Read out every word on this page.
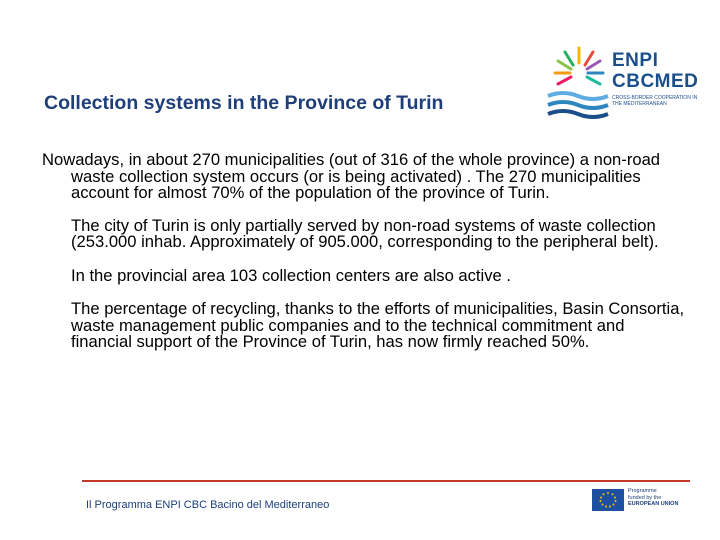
Collection systems in the Province of Turin
ENPI
CBCMED
CROSS-BORDER COOPERATION IN THE MEDITERRANEAN

Nowadays, in about 270 municipalities (out of 316 of the whole province) a non-road waste collection system occurs (or is being activated) . The 270 municipalities account for almost 70% of the population of the province of Turin.

The city of Turin is only partially served by non-road systems of waste collection (253.000 inhab. Approximately of 905.000, corresponding to the peripheral belt).

In the provincial area 103 collection centers are also active .

The percentage of recycling, thanks to the efforts of municipalities, Basin Consortia, waste management public companies and to the technical commitment and financial support of the Province of Turin, has now firmly reached 50%.

Il Programma ENPI CBC Bacino del Mediterraneo
Programme
funded by the
EUROPEAN UNION
